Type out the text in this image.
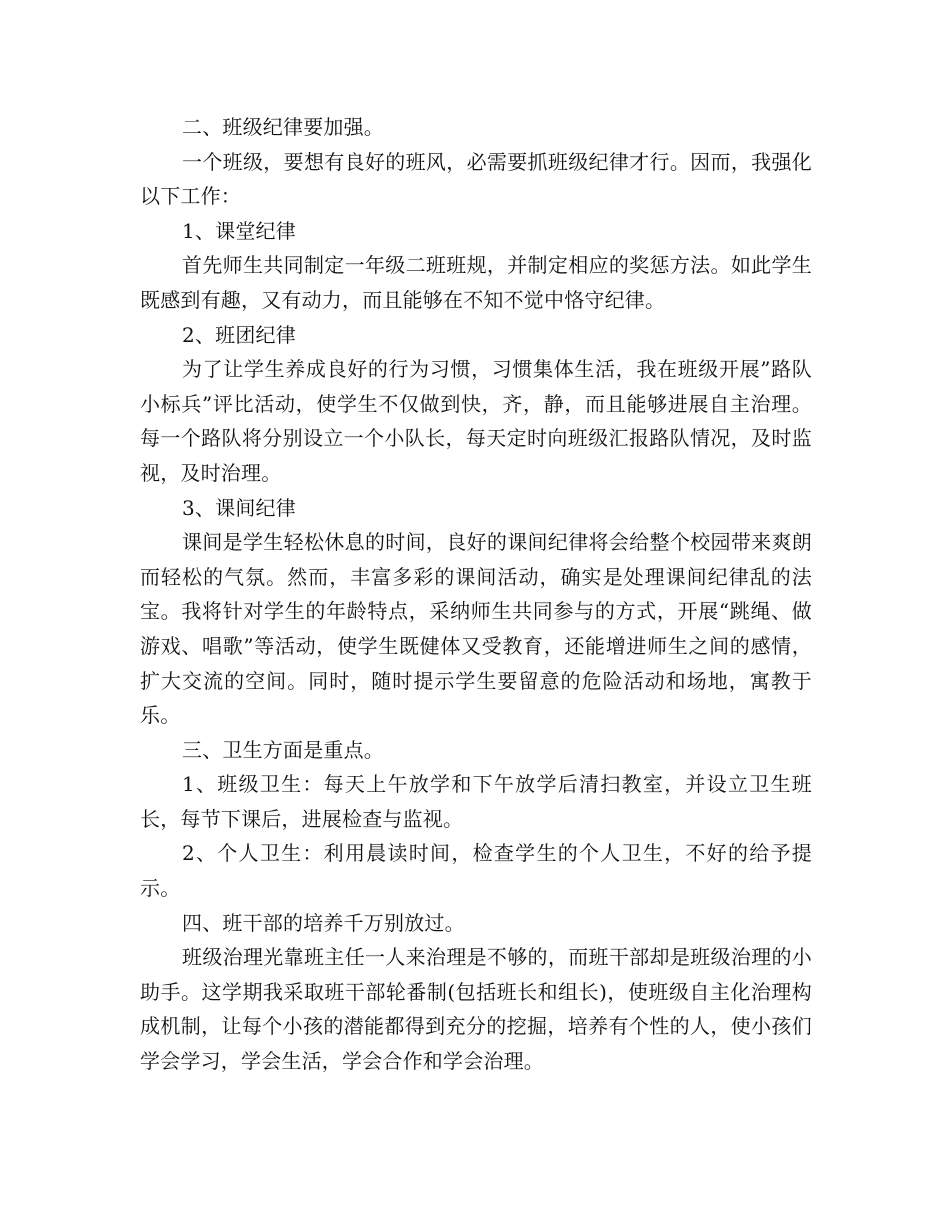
二、班级纪律要加强。

一个班级，要想有良好的班风，必需要抓班级纪律才行。因而，我强化以下工作：

1、课堂纪律

首先师生共同制定一年级二班班规，并制定相应的奖惩方法。如此学生既感到有趣，又有动力，而且能够在不知不觉中恪守纪律。

2、班团纪律

为了让学生养成良好的行为习惯，习惯集体生活，我在班级开展”路队小标兵”评比活动，使学生不仅做到快，齐，静，而且能够进展自主治理。每一个路队将分别设立一个小队长，每天定时向班级汇报路队情况，及时监视，及时治理。

3、课间纪律

课间是学生轻松休息的时间，良好的课间纪律将会给整个校园带来爽朗而轻松的气氛。然而，丰富多彩的课间活动，确实是处理课间纪律乱的法宝。我将针对学生的年龄特点，采纳师生共同参与的方式，开展“跳绳、做游戏、唱歌”等活动，使学生既健体又受教育，还能增进师生之间的感情，扩大交流的空间。同时，随时提示学生要留意的危险活动和场地，寓教于乐。

三、卫生方面是重点。

1、班级卫生：每天上午放学和下午放学后清扫教室，并设立卫生班长，每节下课后，进展检查与监视。

2、个人卫生：利用晨读时间，检查学生的个人卫生，不好的给予提示。

四、班干部的培养千万别放过。

班级治理光靠班主任一人来治理是不够的，而班干部却是班级治理的小助手。这学期我采取班干部轮番制(包括班长和组长)，使班级自主化治理构成机制，让每个小孩的潜能都得到充分的挖掘，培养有个性的人，使小孩们学会学习，学会生活，学会合作和学会治理。
